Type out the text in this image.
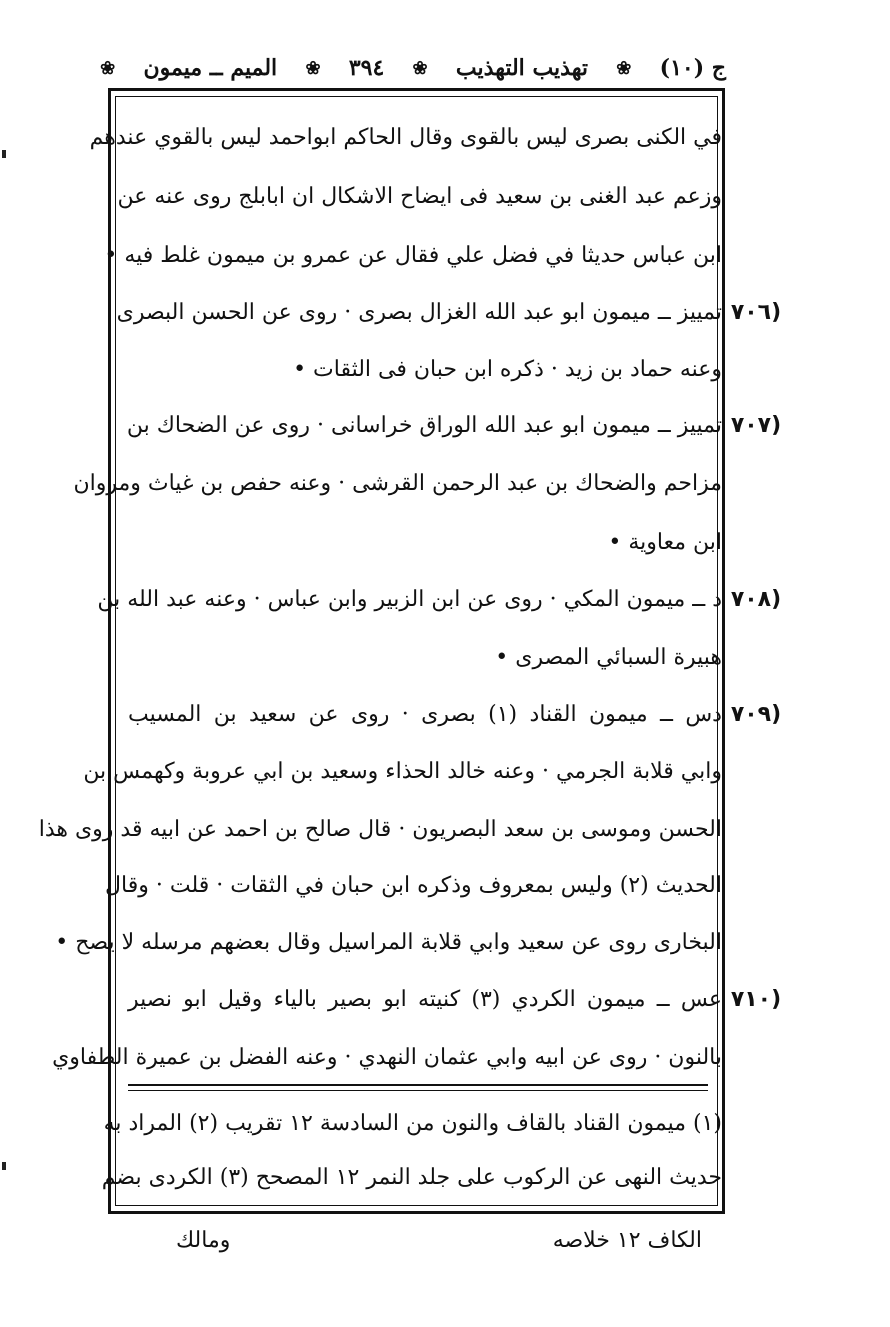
ج (١٠)
❀
تهذيب التهذيب
❀
٣٩٤
❀
الميم ــ ميمون
❀
في الكنى بصرى ليس بالقوى وقال الحاكم ابواحمد ليس بالقوي عندهم
وزعم عبد الغنى بن سعيد فى ايضاح الاشكال ان ابابلج روى عنه عن
ابن عباس حديثا في فضل علي فقال عن عمرو بن ميمون غلط فيه •
(٧٠٦
تمييز ــ ميمون ابو عبد الله الغزال بصرى · روى عن الحسن البصرى
وعنه حماد بن زيد · ذكره ابن حبان فى الثقات •
(٧٠٧
تمييز ــ ميمون ابو عبد الله الوراق خراسانى · روى عن الضحاك بن
مزاحم والضحاك بن عبد الرحمن القرشى · وعنه حفص بن غياث ومروان
ابن معاوية •
(٧٠٨
د ــ ميمون المكي · روى عن ابن الزبير وابن عباس · وعنه عبد الله بن
هبيرة السبائي المصرى •
(٧٠٩
دس ــ ميمون القناد (١) بصرى · روى عن سعيد بن المسيب
وابي قلابة الجرمي · وعنه خالد الحذاء وسعيد بن ابي عروبة وكهمس بن
الحسن وموسى بن سعد البصريون · قال صالح بن احمد عن ابيه قد روى هذا
الحديث (٢) وليس بمعروف وذكره ابن حبان في الثقات · قلت · وقال
البخارى روى عن سعيد وابي قلابة المراسيل وقال بعضهم مرسله لا يصح •
(٧١٠
عس ــ ميمون الكردي (٣) كنيته ابو بصير بالياء وقيل ابو نصير
بالنون · روى عن ابيه وابي عثمان النهدي · وعنه الفضل بن عميرة الطفاوي
(١) ميمون القناد بالقاف والنون من السادسة ١٢ تقريب (٢) المراد به
حديث النهى عن الركوب على جلد النمر ١٢ المصحح (٣) الكردى بضم
الكاف ١٢ خلاصه
ومالك
